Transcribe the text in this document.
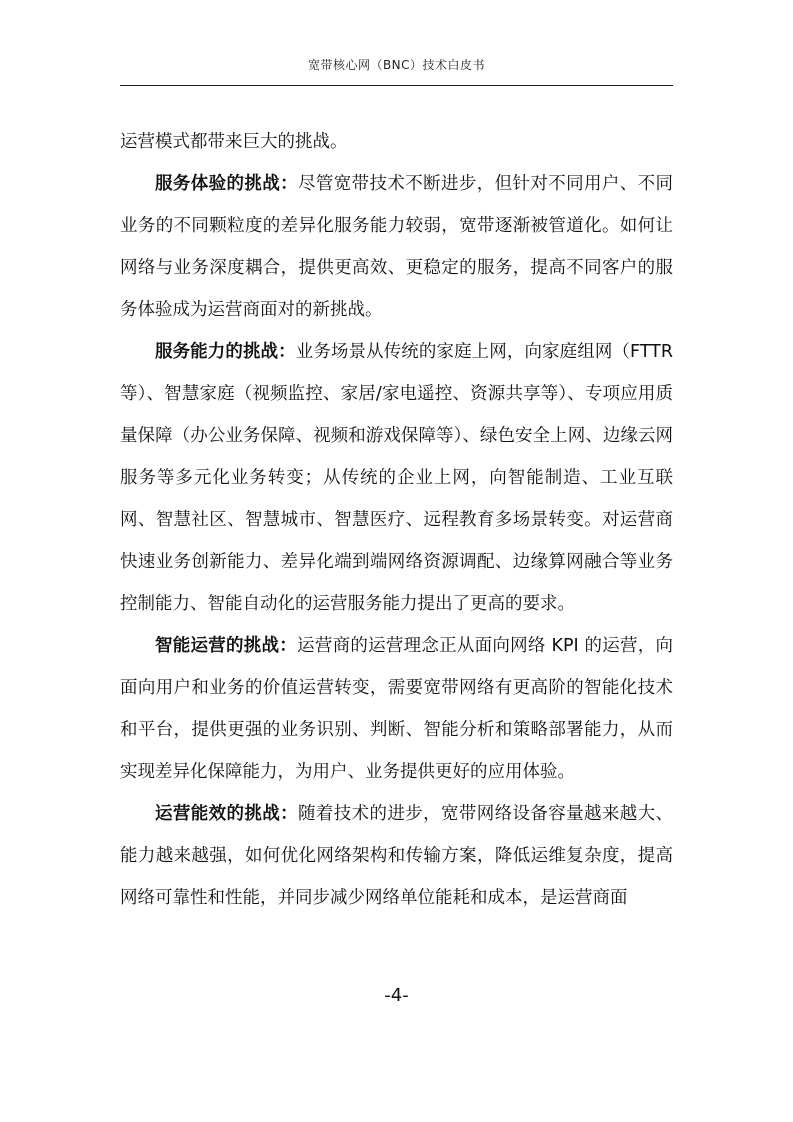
宽带核心网（BNC）技术白皮书

运营模式都带来巨大的挑战。

服务体验的挑战：尽管宽带技术不断进步，但针对不同用户、不同业务的不同颗粒度的差异化服务能力较弱，宽带逐渐被管道化。如何让网络与业务深度耦合，提供更高效、更稳定的服务，提高不同客户的服务体验成为运营商面对的新挑战。

服务能力的挑战：业务场景从传统的家庭上网，向家庭组网（FTTR 等）、智慧家庭（视频监控、家居/家电遥控、资源共享等）、专项应用质量保障（办公业务保障、视频和游戏保障等）、绿色安全上网、边缘云网服务等多元化业务转变；从传统的企业上网，向智能制造、工业互联网、智慧社区、智慧城市、智慧医疗、远程教育多场景转变。对运营商快速业务创新能力、差异化端到端网络资源调配、边缘算网融合等业务控制能力、智能自动化的运营服务能力提出了更高的要求。

智能运营的挑战：运营商的运营理念正从面向网络 KPI 的运营，向面向用户和业务的价值运营转变，需要宽带网络有更高阶的智能化技术和平台，提供更强的业务识别、判断、智能分析和策略部署能力，从而实现差异化保障能力，为用户、业务提供更好的应用体验。

运营能效的挑战：随着技术的进步，宽带网络设备容量越来越大、能力越来越强，如何优化网络架构和传输方案，降低运维复杂度，提高网络可靠性和性能，并同步减少网络单位能耗和成本，是运营商面

-4-
